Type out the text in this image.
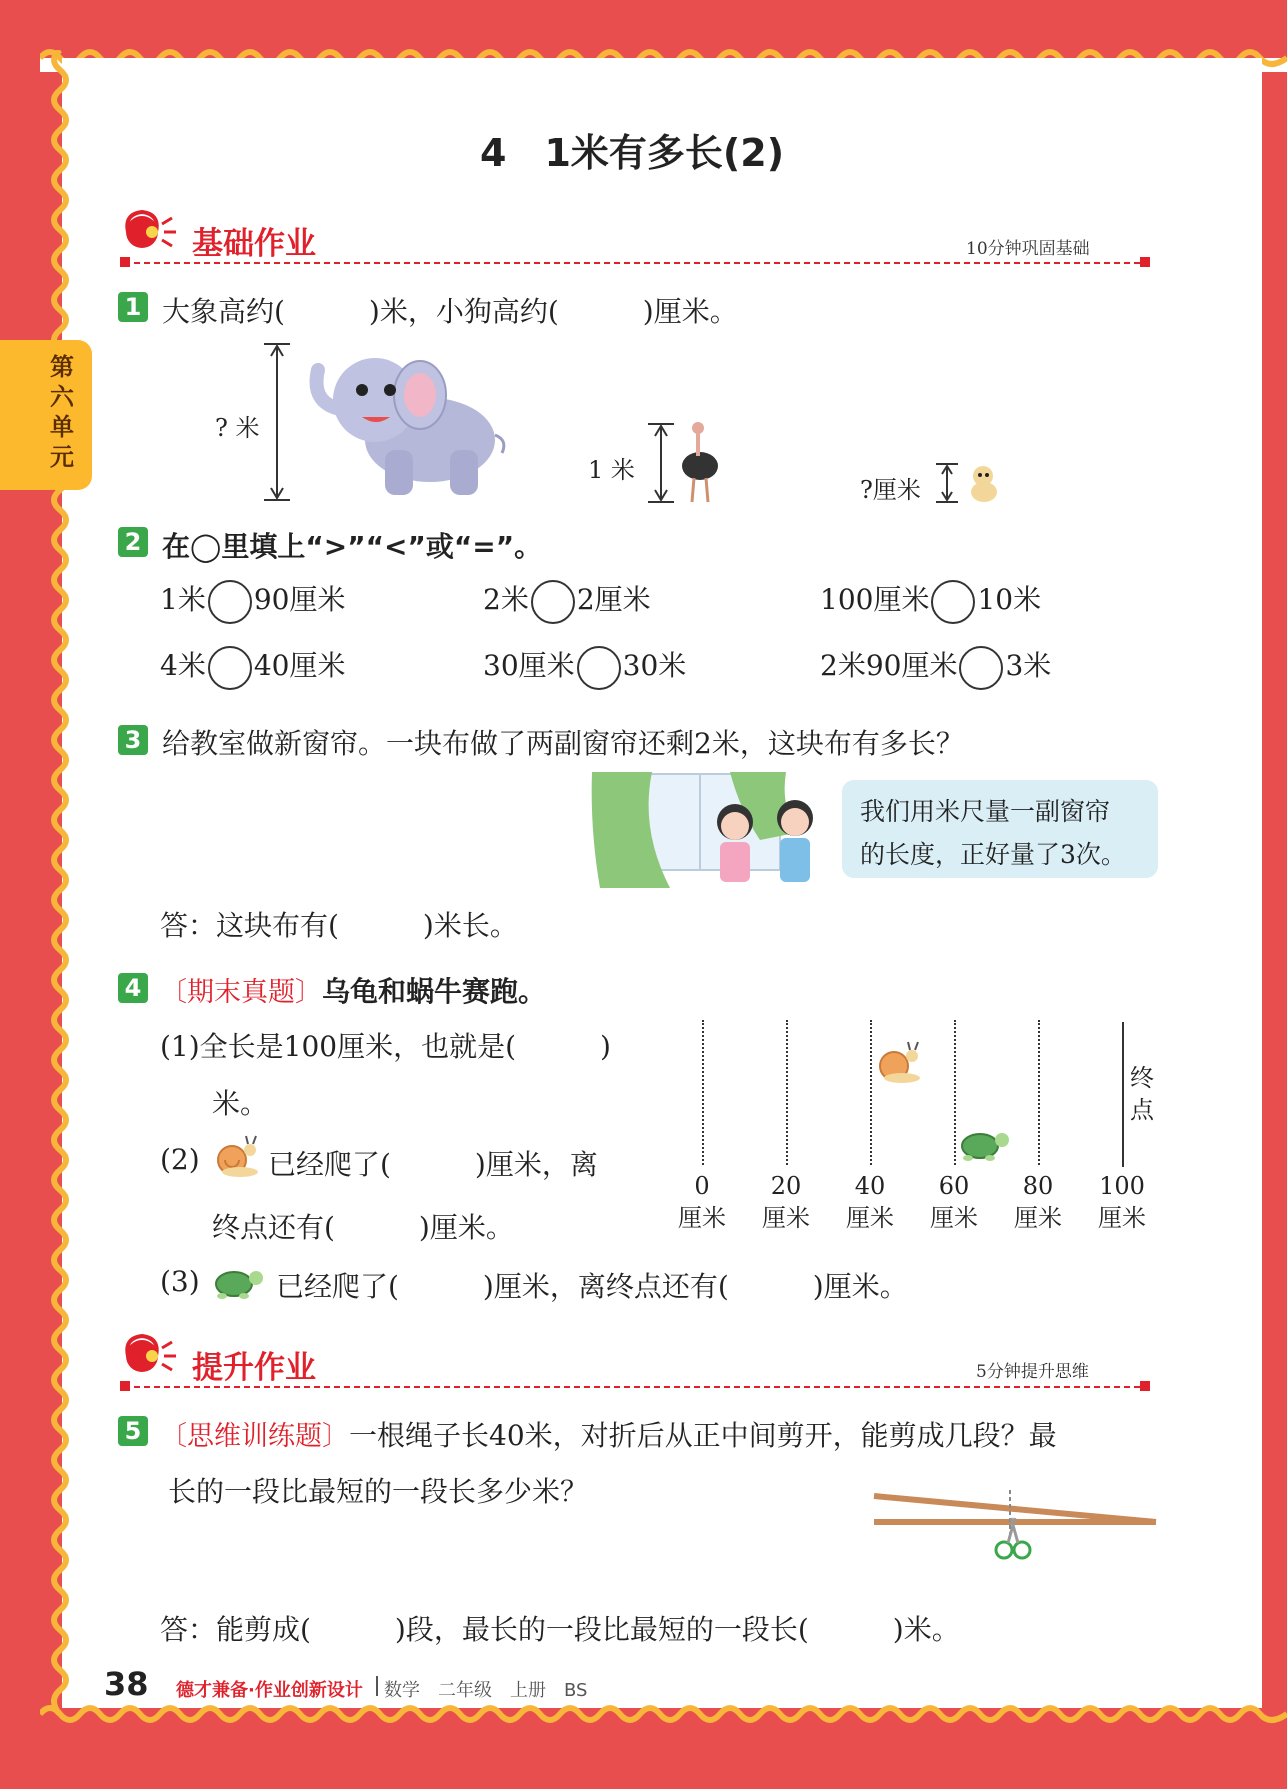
第六单元
4　1米有多长(2)
基础作业	10分钟巩固基础
1 大象高约(　　　)米，小狗高约(　　　)厘米。
? 米
1 米
?厘米
2 在◯里填上“>”“<”或“=”。
1米 90厘米	2米 2厘米	100厘米 10米
4米 40厘米	30厘米 30米	2米90厘米 3米
3 给教室做新窗帘。一块布做了两副窗帘还剩2米，这块布有多长？
我们用米尺量一副窗帘
的长度，正好量了3次。
答：这块布有(　　　)米长。
4 〔期末真题〕乌龟和蜗牛赛跑。
(1)全长是100厘米，也就是(　　　)
米。
(2) 已经爬了(　　　)厘米，离
终点还有(　　　)厘米。
(3)	已经爬了(　　　)厘米，离终点还有(　　　)厘米。
终点
提升作业	5分钟提升思维
5 〔思维训练题〕一根绳子长40米，对折后从正中间剪开，能剪成几段？最
长的一段比最短的一段长多少米？
答：能剪成(　　　)段，最长的一段比最短的一段长(　　　)米。
38 德才兼备·作业创新设计 数学　二年级　上册　BS
0
厘米
20
厘米
40
厘米
60
厘米
80
厘米
100
厘米
